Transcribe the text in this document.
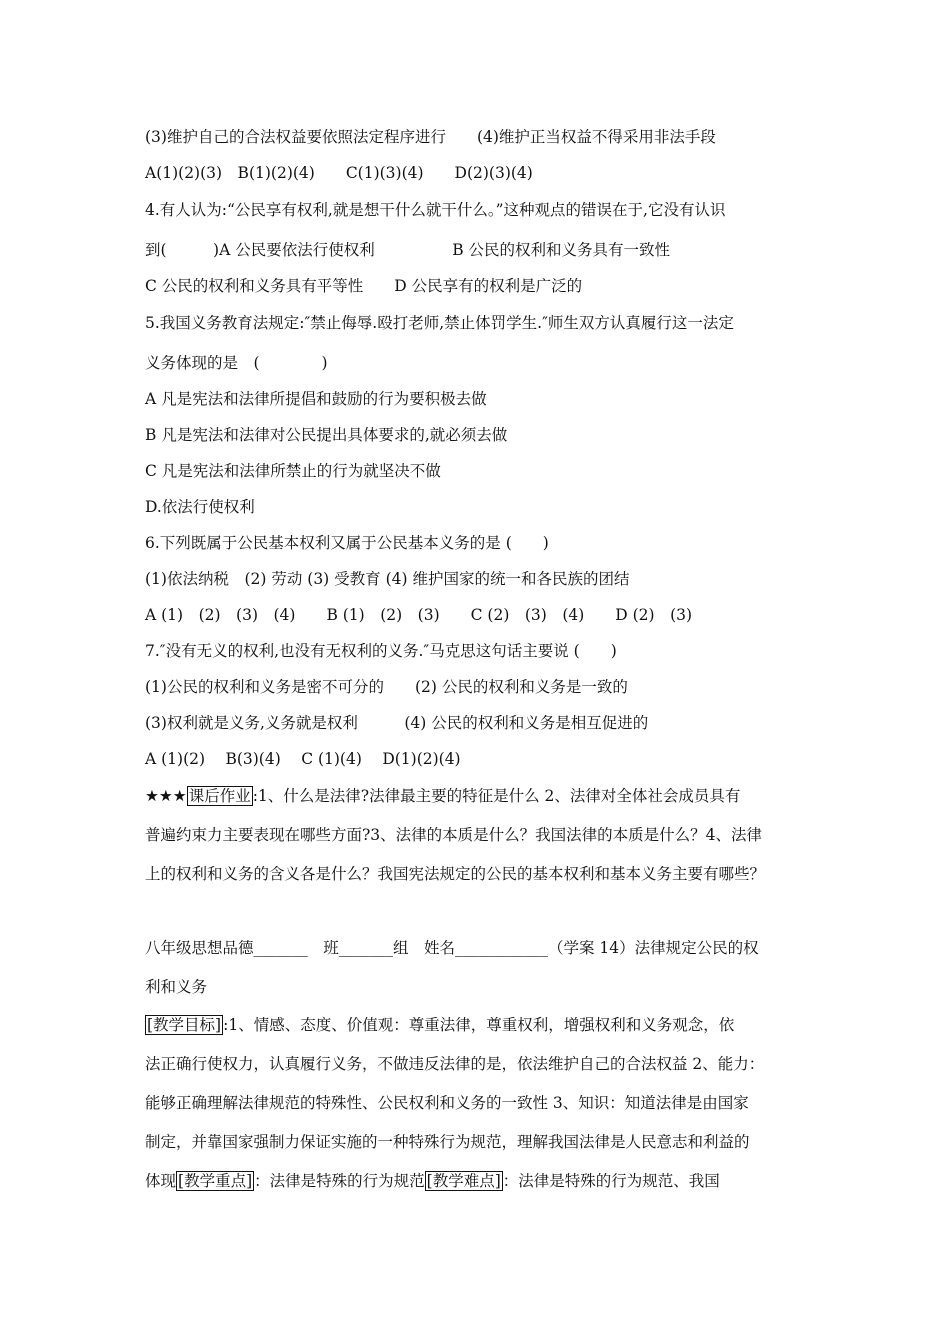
(3)维护自己的合法权益要依照法定程序进行　　(4)维护正当权益不得采用非法手段
A(1)(2)(3)　B(1)(2)(4)　　C(1)(3)(4)　　D(2)(3)(4)
4.有人认为:“公民享有权利,就是想干什么就干什么。”这种观点的错误在于,它没有认识
到(　　　)A 公民要依法行使权利　　　　　B 公民的权利和义务具有一致性
C 公民的权利和义务具有平等性　　D 公民享有的权利是广泛的
5.我国义务教育法规定:″禁止侮辱.殴打老师,禁止体罚学生.″师生双方认真履行这一法定
义务体现的是　(　　　　)
A 凡是宪法和法律所提倡和鼓励的行为要积极去做
B 凡是宪法和法律对公民提出具体要求的,就必须去做
C 凡是宪法和法律所禁止的行为就坚决不做
D.依法行使权利
6.下列既属于公民基本权利又属于公民基本义务的是 (　　)
(1)依法纳税　(2) 劳动 (3) 受教育 (4) 维护国家的统一和各民族的团结
A (1)　(2)　(3)　(4)　　B (1)　(2)　(3)　　C (2)　(3)　(4)　　D (2)　(3)
7.″没有无义的权利,也没有无权利的义务.″马克思这句话主要说 (　　)
(1)公民的权利和义务是密不可分的　　(2) 公民的权利和义务是一致的
(3)权利就是义务,义务就是权利　　　(4) 公民的权利和义务是相互促进的
A (1)(2)　 B(3)(4)　 C (1)(4)　 D(1)(2)(4)
★★★ 课后作业 :1、什么是法律?法律最主要的特征是什么 2、法律对全体社会成员具有
普遍约束力主要表现在哪些方面?3、法律的本质是什么？我国法律的本质是什么？4、法律
上的权利和义务的含义各是什么？我国宪法规定的公民的基本权利和基本义务主要有哪些？
八年级思想品德_______　班_______组　姓名____________（学案 14）法律规定公民的权
利和义务
[教学目标] :1、情感、态度、价值观：尊重法律，尊重权利，增强权利和义务观念，依
法正确行使权力，认真履行义务，不做违反法律的是，依法维护自己的合法权益 2、能力：
能够正确理解法律规范的特殊性、公民权利和义务的一致性 3、知识：知道法律是由国家
制定，并靠国家强制力保证实施的一种特殊行为规范，理解我国法律是人民意志和利益的
体现 [教学重点] ：法律是特殊的行为规范 [教学难点] ：法律是特殊的行为规范、我国
